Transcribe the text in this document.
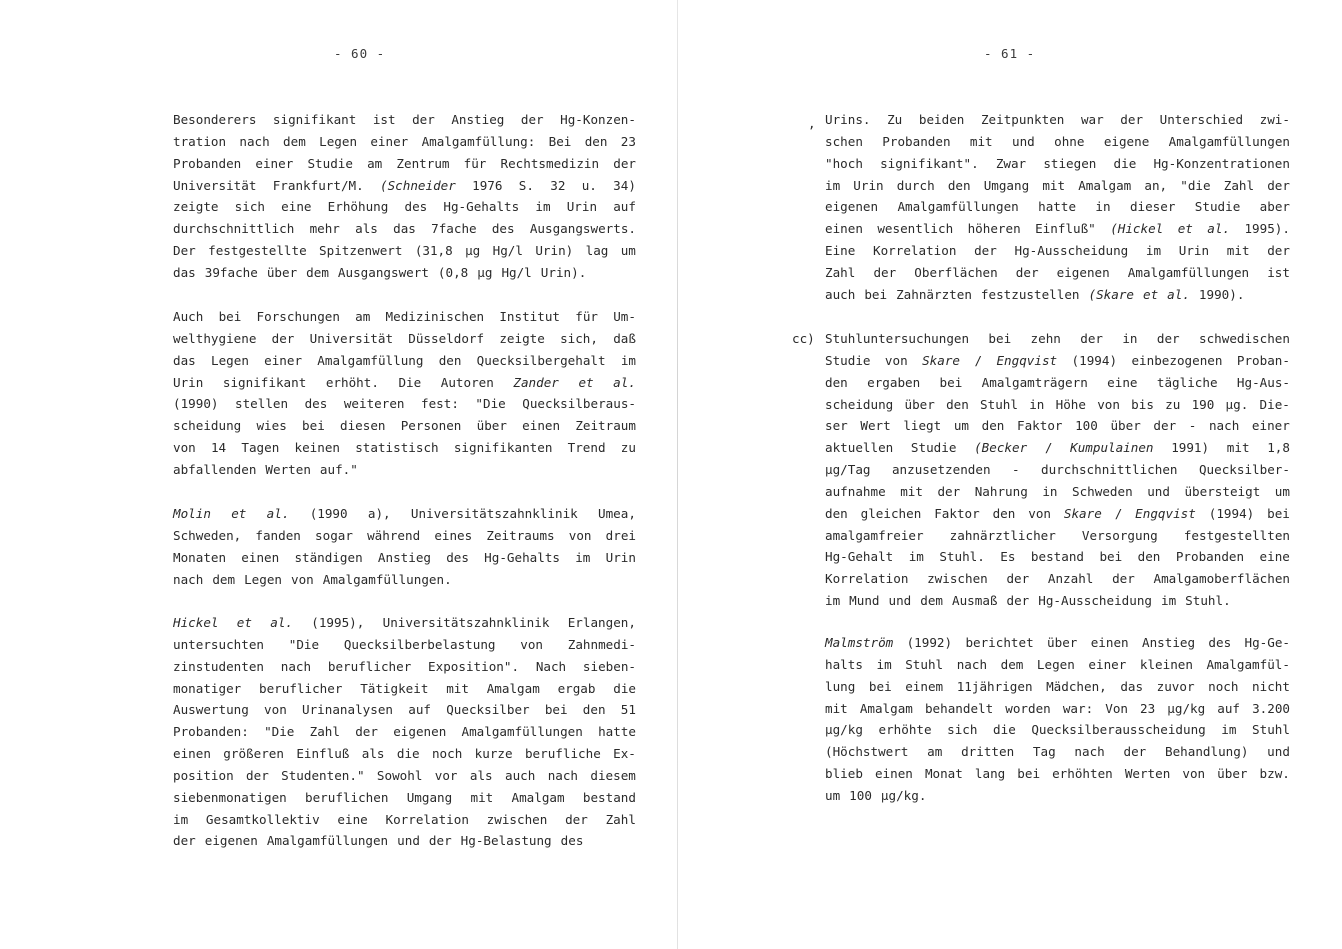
- 60 -
Besonderers signifikant ist der Anstieg der Hg-Konzen-
tration nach dem Legen einer Amalgamfüllung: Bei den 23
Probanden einer Studie am Zentrum für Rechtsmedizin der
Universität Frankfurt/M. (Schneider 1976 S. 32 u. 34)
zeigte sich eine Erhöhung des Hg-Gehalts im Urin auf
durchschnittlich mehr als das 7fache des Ausgangswerts.
Der festgestellte Spitzenwert (31,8 µg Hg/l Urin) lag um
das 39fache über dem Ausgangswert (0,8 µg Hg/l Urin).
Auch bei Forschungen am Medizinischen Institut für Um-
welthygiene der Universität Düsseldorf zeigte sich, daß
das Legen einer Amalgamfüllung den Quecksilbergehalt im
Urin signifikant erhöht. Die Autoren Zander et al.
(1990) stellen des weiteren fest: "Die Quecksilberaus-
scheidung wies bei diesen Personen über einen Zeitraum
von 14 Tagen keinen statistisch signifikanten Trend zu
abfallenden Werten auf."
Molin et al. (1990 a), Universitätszahnklinik Umea,
Schweden, fanden sogar während eines Zeitraums von drei
Monaten einen ständigen Anstieg des Hg-Gehalts im Urin
nach dem Legen von Amalgamfüllungen.
Hickel et al. (1995), Universitätszahnklinik Erlangen,
untersuchten "Die Quecksilberbelastung von Zahnmedi-
zinstudenten nach beruflicher Exposition". Nach sieben-
monatiger beruflicher Tätigkeit mit Amalgam ergab die
Auswertung von Urinanalysen auf Quecksilber bei den 51
Probanden: "Die Zahl der eigenen Amalgamfüllungen hatte
einen größeren Einfluß als die noch kurze berufliche Ex-
position der Studenten." Sowohl vor als auch nach diesem
siebenmonatigen beruflichen Umgang mit Amalgam bestand
im Gesamtkollektiv eine Korrelation zwischen der Zahl
der eigenen Amalgamfüllungen und der Hg-Belastung des
- 61 -
, Urins. Zu beiden Zeitpunkten war der Unterschied zwi-
schen Probanden mit und ohne eigene Amalgamfüllungen
"hoch signifikant". Zwar stiegen die Hg-Konzentrationen
im Urin durch den Umgang mit Amalgam an, "die Zahl der
eigenen Amalgamfüllungen hatte in dieser Studie aber
einen wesentlich höheren Einfluß" (Hickel et al. 1995).
Eine Korrelation der Hg-Ausscheidung im Urin mit der
Zahl der Oberflächen der eigenen Amalgamfüllungen ist
auch bei Zahnärzten festzustellen (Skare et al. 1990).
cc) Stuhluntersuchungen bei zehn der in der schwedischen
Studie von Skare / Engqvist (1994) einbezogenen Proban-
den ergaben bei Amalgamträgern eine tägliche Hg-Aus-
scheidung über den Stuhl in Höhe von bis zu 190 µg. Die-
ser Wert liegt um den Faktor 100 über der - nach einer
aktuellen Studie (Becker / Kumpulainen 1991) mit 1,8
µg/Tag anzusetzenden - durchschnittlichen Quecksilber-
aufnahme mit der Nahrung in Schweden und übersteigt um
den gleichen Faktor den von Skare / Engqvist (1994) bei
amalgamfreier zahnärztlicher Versorgung festgestellten
Hg-Gehalt im Stuhl. Es bestand bei den Probanden eine
Korrelation zwischen der Anzahl der Amalgamoberflächen
im Mund und dem Ausmaß der Hg-Ausscheidung im Stuhl.
Malmström (1992) berichtet über einen Anstieg des Hg-Ge-
halts im Stuhl nach dem Legen einer kleinen Amalgamfül-
lung bei einem 11jährigen Mädchen, das zuvor noch nicht
mit Amalgam behandelt worden war: Von 23 µg/kg auf 3.200
µg/kg erhöhte sich die Quecksilberausscheidung im Stuhl
(Höchstwert am dritten Tag nach der Behandlung) und
blieb einen Monat lang bei erhöhten Werten von über bzw.
um 100 µg/kg.
